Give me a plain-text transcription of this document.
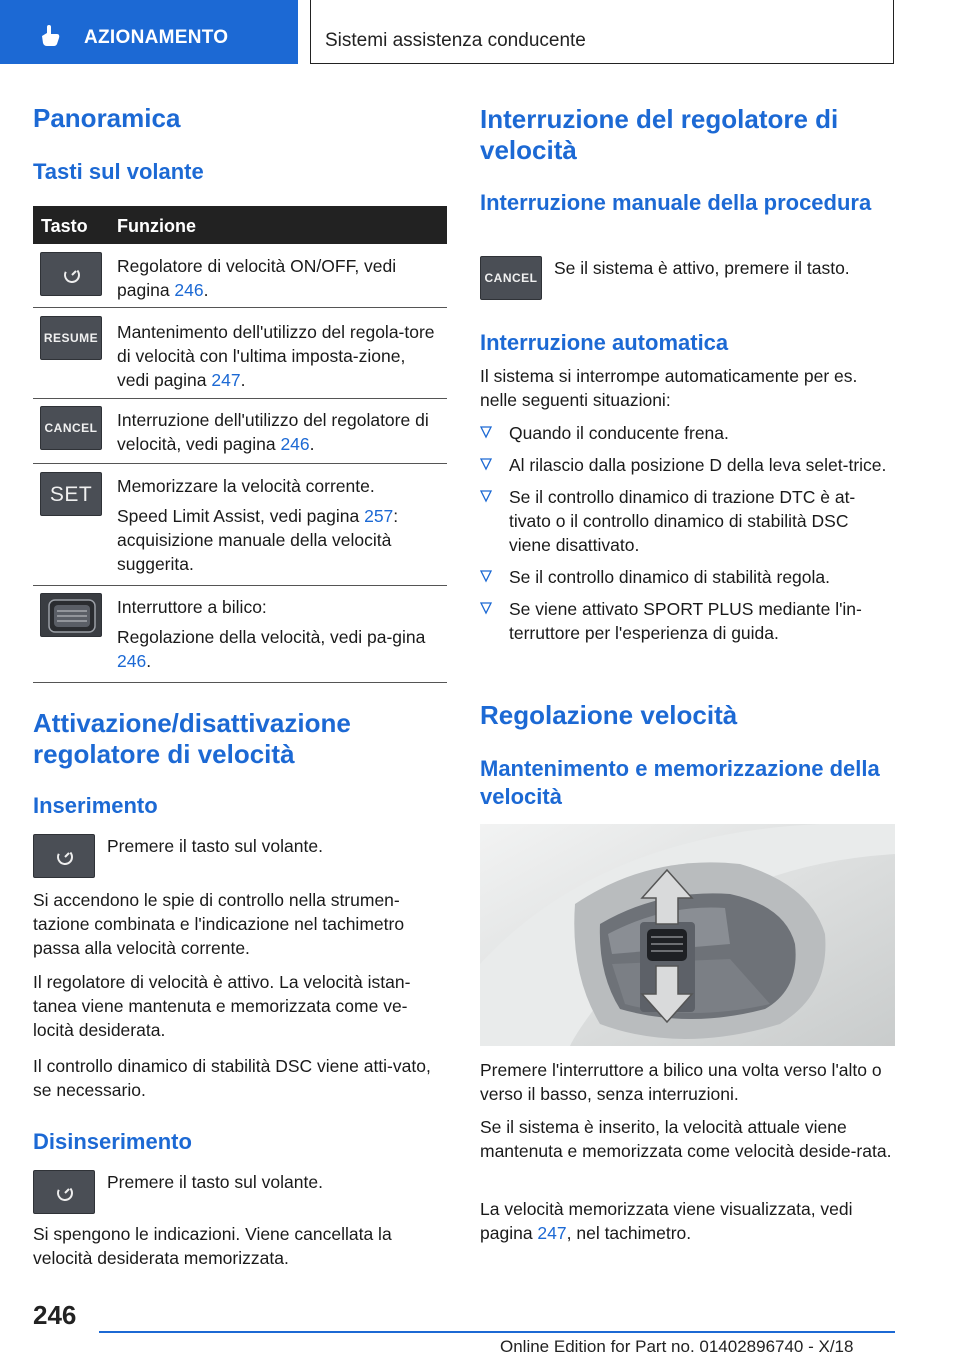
AZIONAMENTO	Sistemi assistenza conducente
Panoramica
Tasti sul volante
Tasto Funzione

Regolatore di velocità ON/OFF, vedi pagina 246.

RESUME Mantenimento dell'utilizzo del regola-tore di velocità con l'ultima imposta-zione, vedi pagina 247.

CANCEL Interruzione dell'utilizzo del regolatore di velocità, vedi pagina 246.

SET	Memorizzare la velocità corrente.

Speed Limit Assist, vedi pagina 257: acquisizione manuale della velocità suggerita.

Interruttore a bilico:

Regolazione della velocità, vedi pa-gina 246.

Attivazione/disattivazione regolatore di velocità
Inserimento
Premere il tasto sul volante.
Si accendono le spie di controllo nella strumen-tazione combinata e l'indicazione nel tachimetro passa alla velocità corrente.
Il regolatore di velocità è attivo. La velocità istan-tanea viene mantenuta e memorizzata come ve-locità desiderata.
Il controllo dinamico di stabilità DSC viene atti-vato, se necessario.
Disinserimento
Premere il tasto sul volante.
Si spengono le indicazioni. Viene cancellata la velocità desiderata memorizzata.
Interruzione del regolatore di velocità
Interruzione manuale della procedura
CANCEL Se il sistema è attivo, premere il tasto.
Interruzione automatica
Il sistema si interrompe automaticamente per es. nelle seguenti situazioni:
Quando il conducente frena.
Al rilascio dalla posizione D della leva selet-trice.
Se il controllo dinamico di trazione DTC è at-tivato o il controllo dinamico di stabilità DSC viene disattivato.
Se il controllo dinamico di stabilità regola.
Se viene attivato SPORT PLUS mediante l'in-terruttore per l'esperienza di guida.
Regolazione velocità
Mantenimento e memorizzazione della velocità
Premere l'interruttore a bilico una volta verso l'alto o verso il basso, senza interruzioni.
Se il sistema è inserito, la velocità attuale viene mantenuta e memorizzata come velocità deside-rata.
La velocità memorizzata viene visualizzata, vedi pagina 247, nel tachimetro.
246
Online Edition for Part no. 01402896740 - X/18
